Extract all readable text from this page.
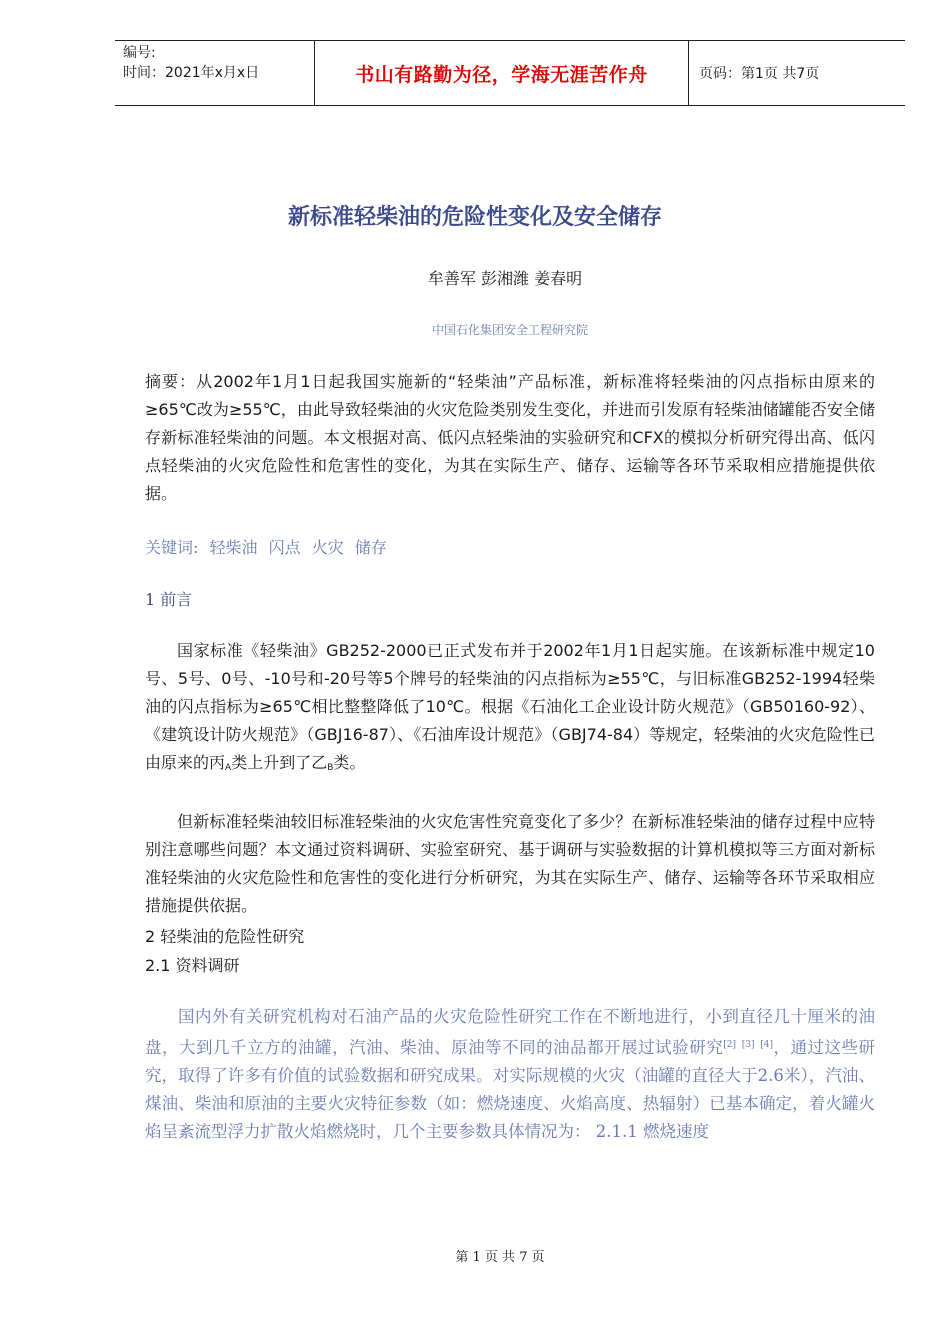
编号:
时间：2021年x月x日	书山有路勤为径，学海无涯苦作舟	页码：第1页 共7页
新标准轻柴油的危险性变化及安全储存
牟善军 彭湘潍 姜春明
中国石化集团安全工程研究院
摘要：从2002年1月1日起我国实施新的“轻柴油”产品标准，新标准将轻柴油的闪点指标由原来的≥65℃改为≥55℃，由此导致轻柴油的火灾危险类别发生变化，并进而引发原有轻柴油储罐能否安全储存新标准轻柴油的问题。本文根据对高、低闪点轻柴油的实验研究和CFX的模拟分析研究得出高、低闪点轻柴油的火灾危险性和危害性的变化，为其在实际生产、储存、运输等各环节采取相应措施提供依据。
关键词: 轻柴油 闪点 火灾 储存
1 前言
国家标准《轻柴油》GB252-2000已正式发布并于2002年1月1日起实施。在该新标准中规定10号、5号、0号、-10号和-20号等5个牌号的轻柴油的闪点指标为≥55℃，与旧标准GB252-1994轻柴油的闪点指标为≥65℃相比整整降低了10℃。根据《石油化工企业设计防火规范》（GB50160-92）、《建筑设计防火规范》（GBJ16-87）、《石油库设计规范》（GBJ74-84）等规定，轻柴油的火灾危险性已由原来的丙$_A$类上升到了乙$_B$类。
但新标准轻柴油较旧标准轻柴油的火灾危害性究竟变化了多少？在新标准轻柴油的储存过程中应特别注意哪些问题？本文通过资料调研、实验室研究、基于调研与实验数据的计算机模拟等三方面对新标准轻柴油的火灾危险性和危害性的变化进行分析研究，为其在实际生产、储存、运输等各环节采取相应措施提供依据。
2 轻柴油的危险性研究
2.1 资料调研
国内外有关研究机构对石油产品的火灾危险性研究工作在不断地进行，小到直径几十厘米的油盘，大到几千立方的油罐，汽油、柴油、原油等不同的油品都开展过试验研究[2] [3] [4]，通过这些研究，取得了许多有价值的试验数据和研究成果。对实际规模的火灾（油罐的直径大于2.6米），汽油、煤油、柴油和原油的主要火灾特征参数（如：燃烧速度、火焰高度、热辐射）已基本确定，着火罐火焰呈紊流型浮力扩散火焰燃烧时，几个主要参数具体情况为： 2.1.1 燃烧速度
第 1 页 共 7 页
